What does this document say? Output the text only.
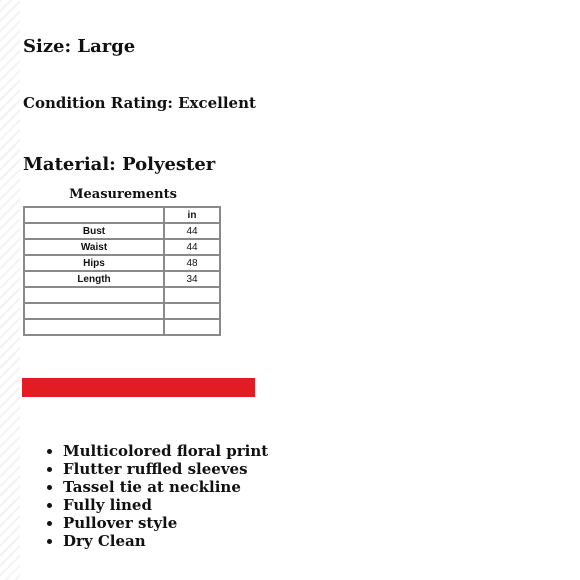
Size: Large
Condition Rating: Excellent
Material: Polyester
Measurements
	in
Bust	44
Waist	44
Hips	48
Length	34

• Multicolored floral print
• Flutter ruffled sleeves
• Tassel tie at neckline
• Fully lined
• Pullover style
• Dry Clean
